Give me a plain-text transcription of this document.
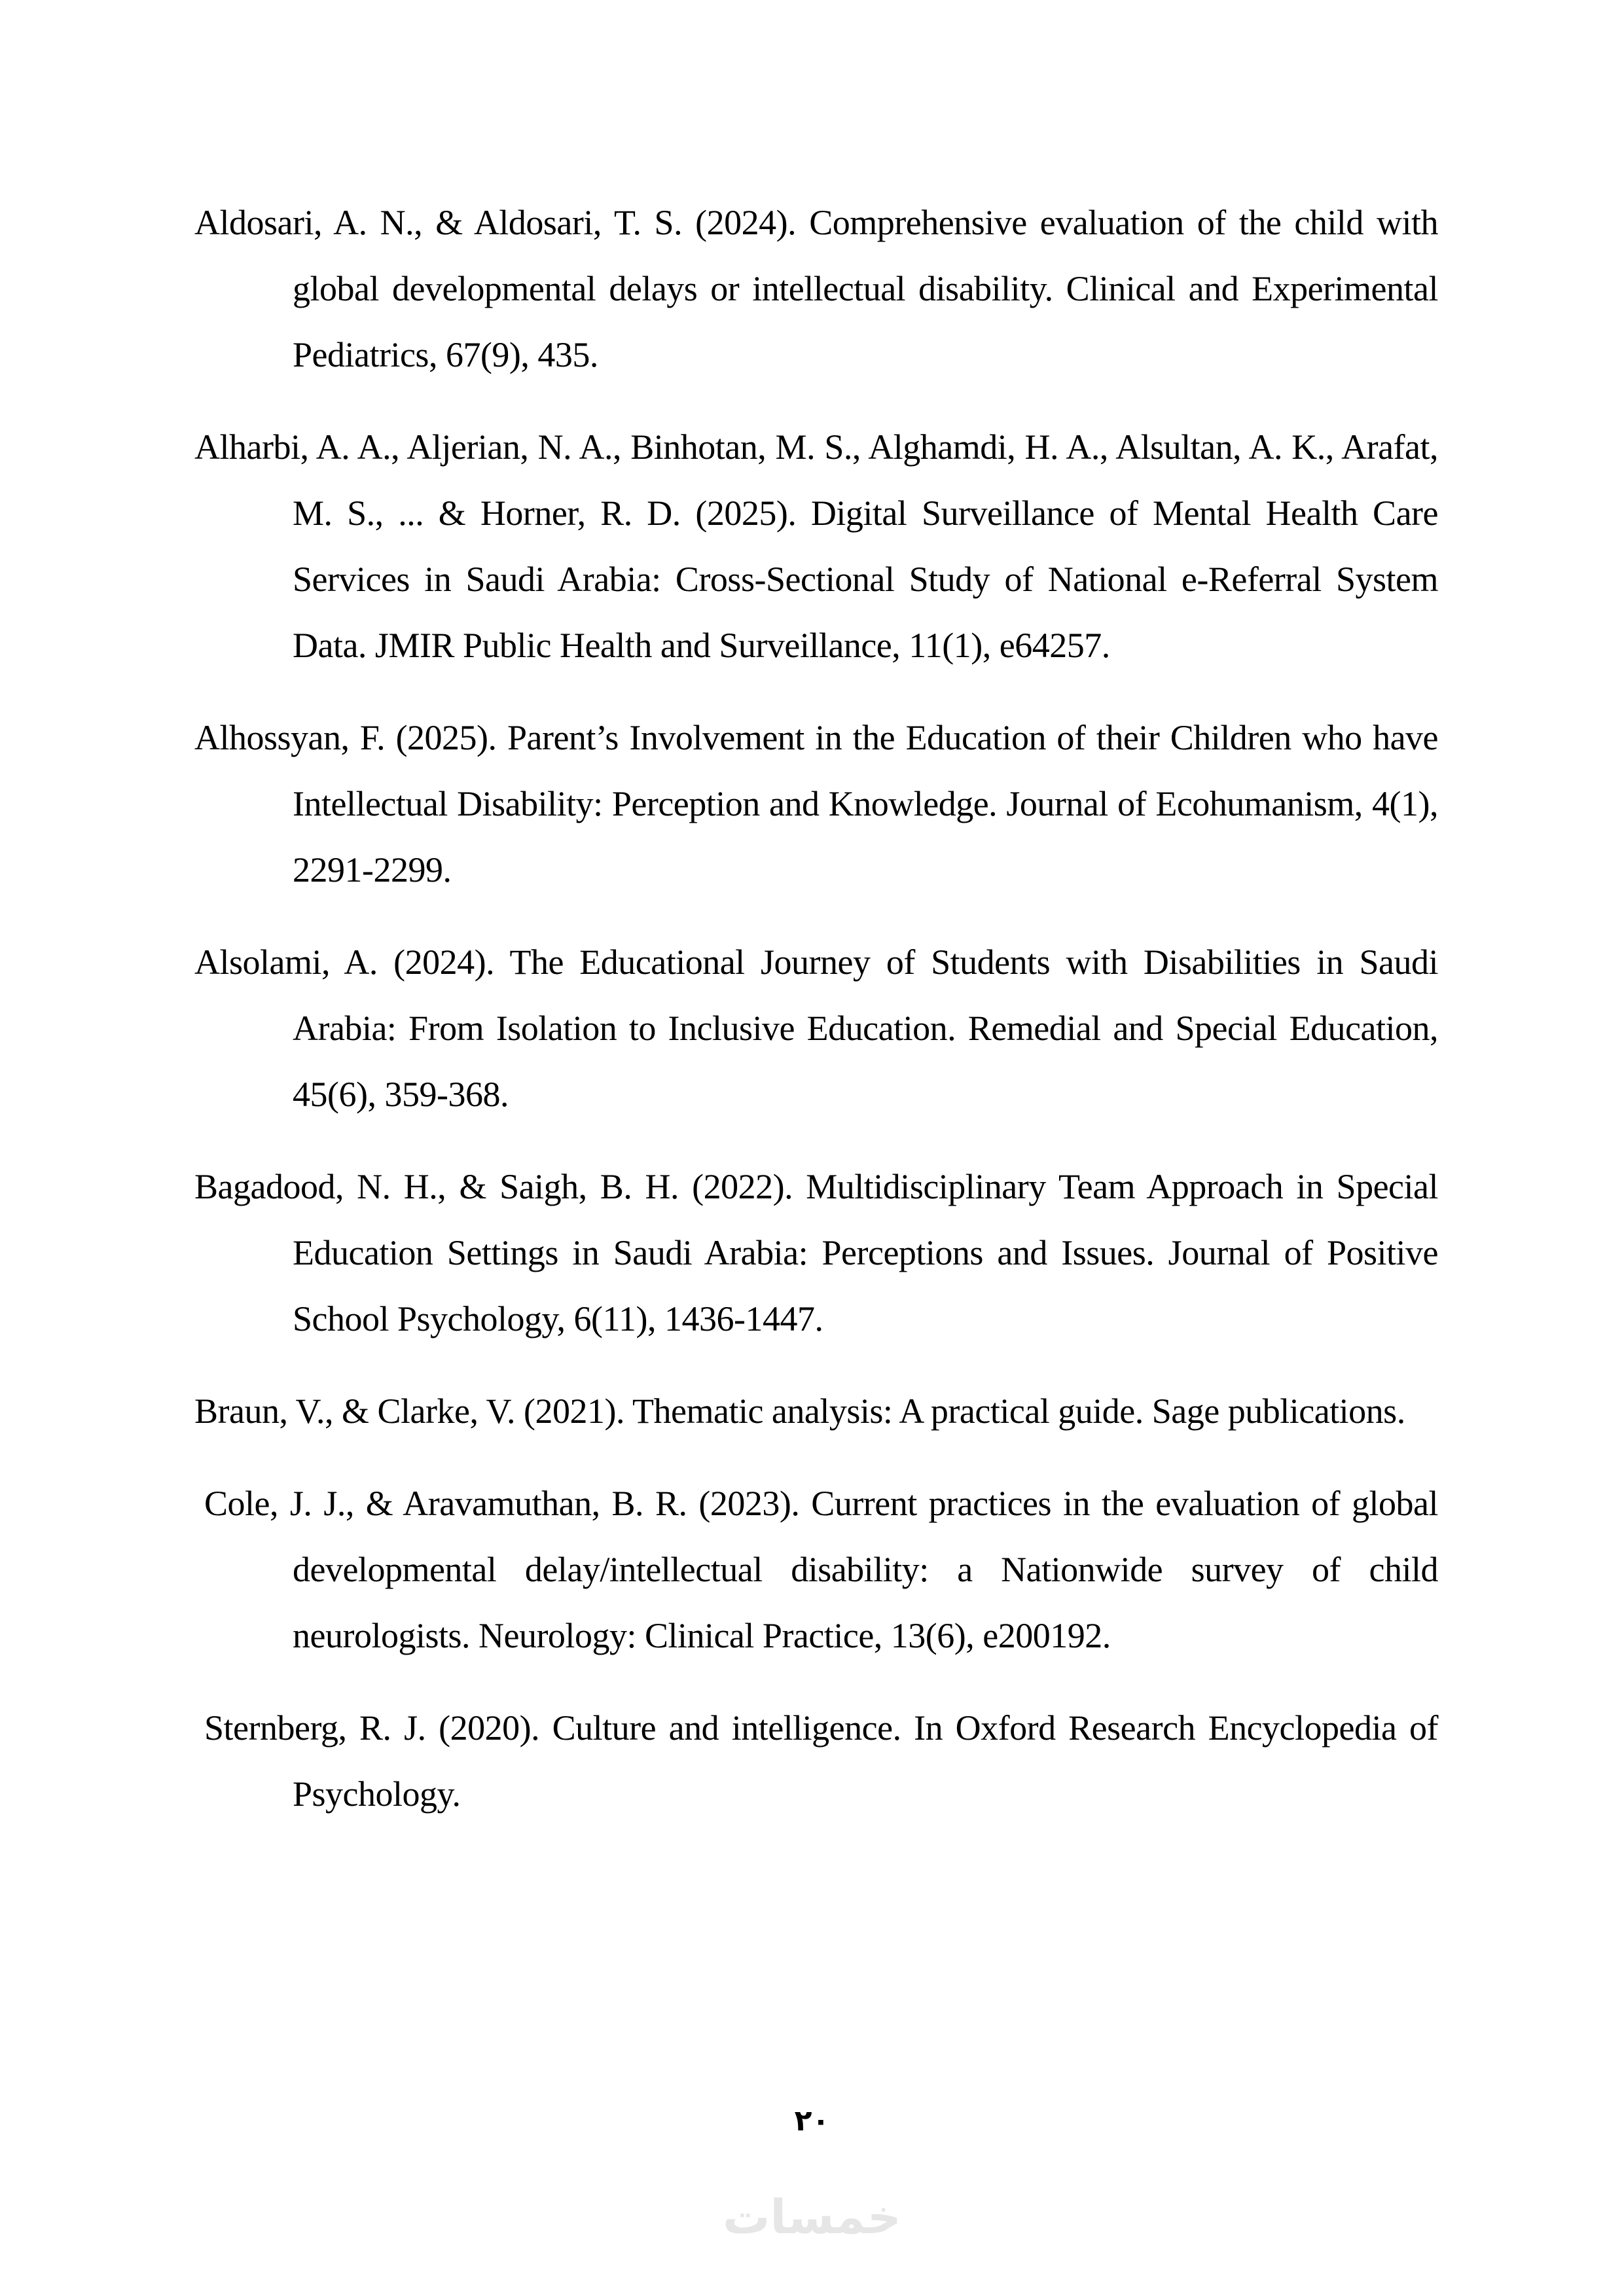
Aldosari, A. N., & Aldosari, T. S. (2024). Comprehensive evaluation of the child with global developmental delays or intellectual disability. Clinical and Experimental Pediatrics, 67(9), 435.

Alharbi, A. A., Aljerian, N. A., Binhotan, M. S., Alghamdi, H. A., Alsultan, A. K., Arafat, M. S., ... & Horner, R. D. (2025). Digital Surveillance of Mental Health Care Services in Saudi Arabia: Cross-Sectional Study of National e-Referral System Data. JMIR Public Health and Surveillance, 11(1), e64257.

Alhossyan, F. (2025). Parent’s Involvement in the Education of their Children who have Intellectual Disability: Perception and Knowledge. Journal of Ecohumanism, 4(1), 2291-2299.

Alsolami, A. (2024). The Educational Journey of Students with Disabilities in Saudi Arabia: From Isolation to Inclusive Education. Remedial and Special Education, 45(6), 359-368.

Bagadood, N. H., & Saigh, B. H. (2022). Multidisciplinary Team Approach in Special Education Settings in Saudi Arabia: Perceptions and Issues. Journal of Positive School Psychology, 6(11), 1436-1447.

Braun, V., & Clarke, V. (2021). Thematic analysis: A practical guide. Sage publications.

Cole, J. J., & Aravamuthan, B. R. (2023). Current practices in the evaluation of global developmental delay/intellectual disability: a Nationwide survey of child neurologists. Neurology: Clinical Practice, 13(6), e200192.

Sternberg, R. J. (2020). Culture and intelligence. In Oxford Research Encyclopedia of Psychology.

٢٠
خمسات
